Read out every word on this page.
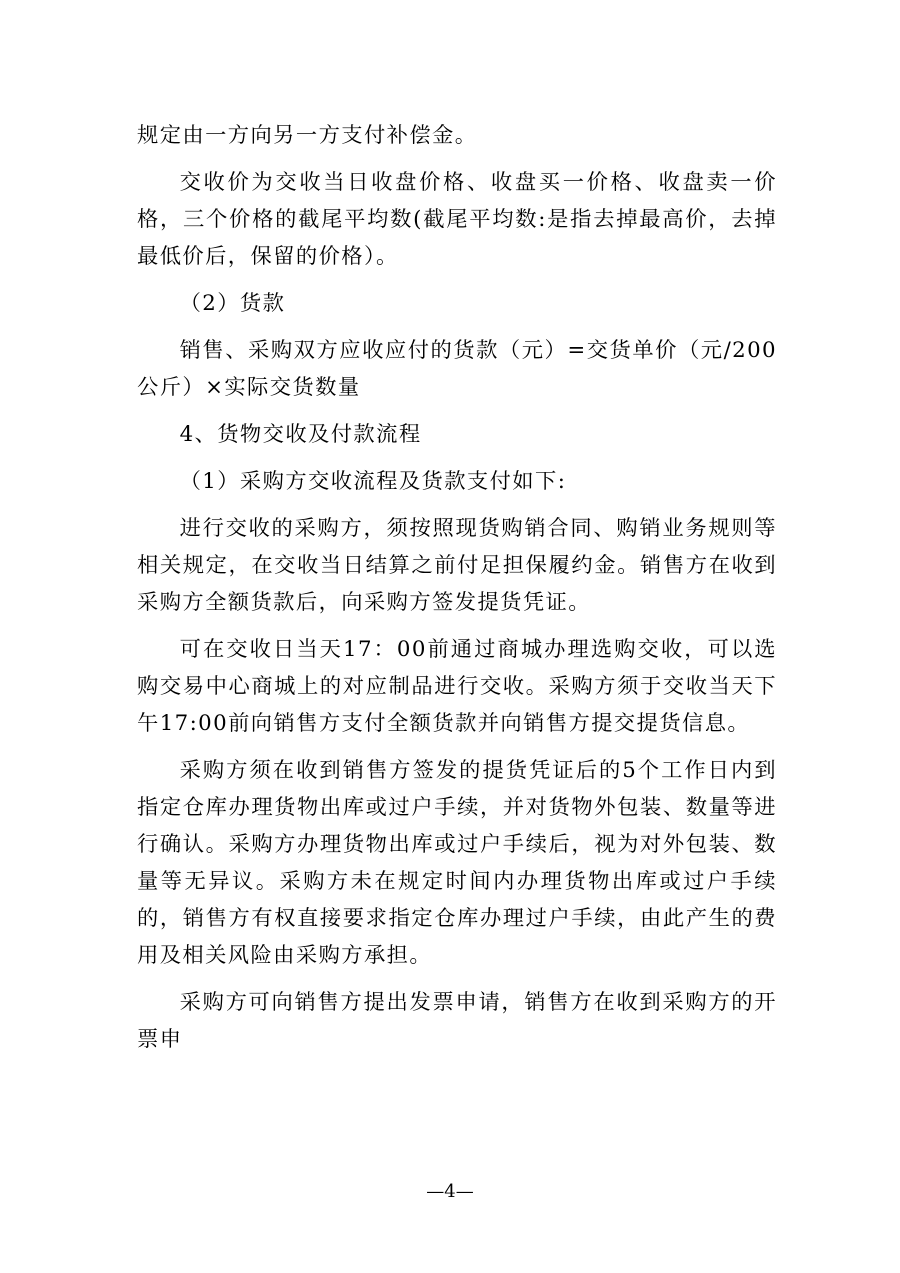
规定由一方向另一方支付补偿金。

交收价为交收当日收盘价格、收盘买一价格、收盘卖一价格，三个价格的截尾平均数(截尾平均数:是指去掉最高价，去掉最低价后，保留的价格）。

（2）货款

销售、采购双方应收应付的货款（元）=交货单价（元/200公斤）×实际交货数量

4、货物交收及付款流程

（1）采购方交收流程及货款支付如下:

进行交收的采购方，须按照现货购销合同、购销业务规则等相关规定，在交收当日结算之前付足担保履约金。销售方在收到采购方全额货款后，向采购方签发提货凭证。

可在交收日当天17：00前通过商城办理选购交收，可以选购交易中心商城上的对应制品进行交收。采购方须于交收当天下午17:00前向销售方支付全额货款并向销售方提交提货信息。

采购方须在收到销售方签发的提货凭证后的5个工作日内到指定仓库办理货物出库或过户手续，并对货物外包装、数量等进行确认。采购方办理货物出库或过户手续后，视为对外包装、数量等无异议。采购方未在规定时间内办理货物出库或过户手续的，销售方有权直接要求指定仓库办理过户手续，由此产生的费用及相关风险由采购方承担。

采购方可向销售方提出发票申请，销售方在收到采购方的开票申

—4—
